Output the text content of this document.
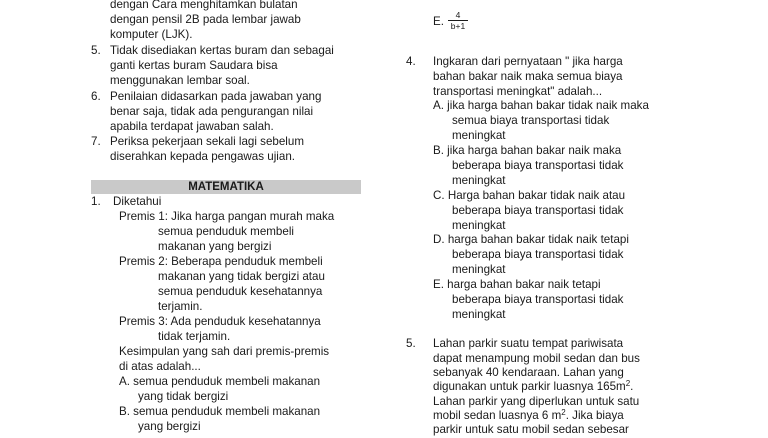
dengan Cara menghitamkan bulatan
dengan pensil 2B pada lembar jawab
komputer (LJK).
5. Tidak disediakan kertas buram dan sebagai
ganti kertas buram Saudara bisa
menggunakan lembar soal.
6. Penilaian didasarkan pada jawaban yang
benar saja, tidak ada pengurangan nilai
apabila terdapat jawaban salah.
7. Periksa pekerjaan sekali lagi sebelum
diserahkan kepada pengawas ujian.
MATEMATIKA
1. Diketahui
Premis 1: Jika harga pangan murah maka
semua penduduk membeli
makanan yang bergizi
Premis 2: Beberapa penduduk membeli
makanan yang tidak bergizi atau
semua penduduk kesehatannya
terjamin.
Premis 3: Ada penduduk kesehatannya
tidak terjamin.
Kesimpulan yang sah dari premis-premis
di atas adalah...
A. semua penduduk membeli makanan
yang tidak bergizi
B. semua penduduk membeli makanan
yang bergizi
E. 4
b+1
4. Ingkaran dari pernyataan " jika harga
bahan bakar naik maka semua biaya
transportasi meningkat" adalah...
A. jika harga bahan bakar tidak naik maka
semua biaya transportasi tidak
meningkat
B. jika harga bahan bakar naik maka
beberapa biaya transportasi tidak
meningkat
C. Harga bahan bakar tidak naik atau
beberapa biaya transportasi tidak
meningkat
D. harga bahan bakar tidak naik tetapi
beberapa biaya transportasi tidak
meningkat
E. harga bahan bakar naik tetapi
beberapa biaya transportasi tidak
meningkat
5. Lahan parkir suatu tempat pariwisata
dapat menampung mobil sedan dan bus
sebanyak 40 kendaraan. Lahan yang
digunakan untuk parkir luasnya $165m^2$.
Lahan parkir yang diperlukan untuk satu
mobil sedan luasnya 6 $m^2$. Jika biaya
parkir untuk satu mobil sedan sebesar
